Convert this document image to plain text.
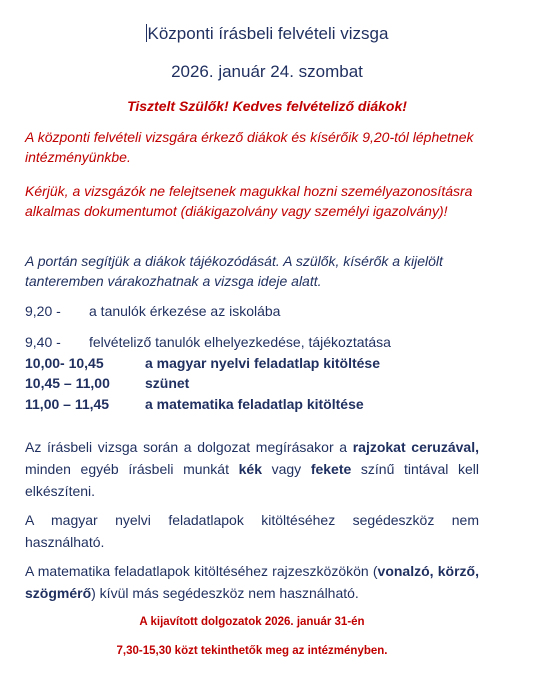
Központi írásbeli felvételi vizsga
2026. január 24. szombat
Tisztelt Szülők! Kedves felvételiző diákok!
A központi felvételi vizsgára érkező diákok és kísérőik 9,20-tól léphetnek intézményünkbe.
Kérjük, a vizsgázók ne felejtsenek magukkal hozni személyazonosításra alkalmas dokumentumot (diákigazolvány vagy személyi igazolvány)!
A portán segítjük a diákok tájékozódását. A szülők, kísérők a kijelölt tanteremben várakozhatnak a vizsga ideje alatt.
9,20 - a tanulók érkezése az iskolába
9,40 - felvételiző tanulók elhelyezkedése, tájékoztatása
10,00- 10,45	a magyar nyelvi feladatlap kitöltése
10,45 – 11,00	szünet
11,00 – 11,45	a matematika feladatlap kitöltése
Az írásbeli vizsga során a dolgozat megírásakor a rajzokat ceruzával, minden egyéb írásbeli munkát kék vagy fekete színű tintával kell elkészíteni.
A magyar nyelvi feladatlapok kitöltéséhez segédeszköz nem használható.
A matematika feladatlapok kitöltéséhez rajzeszközökön (vonalzó, körző, szögmérő) kívül más segédeszköz nem használható.
A kijavított dolgozatok 2026. január 31-én
7,30-15,30 közt tekinthetők meg az intézményben.
